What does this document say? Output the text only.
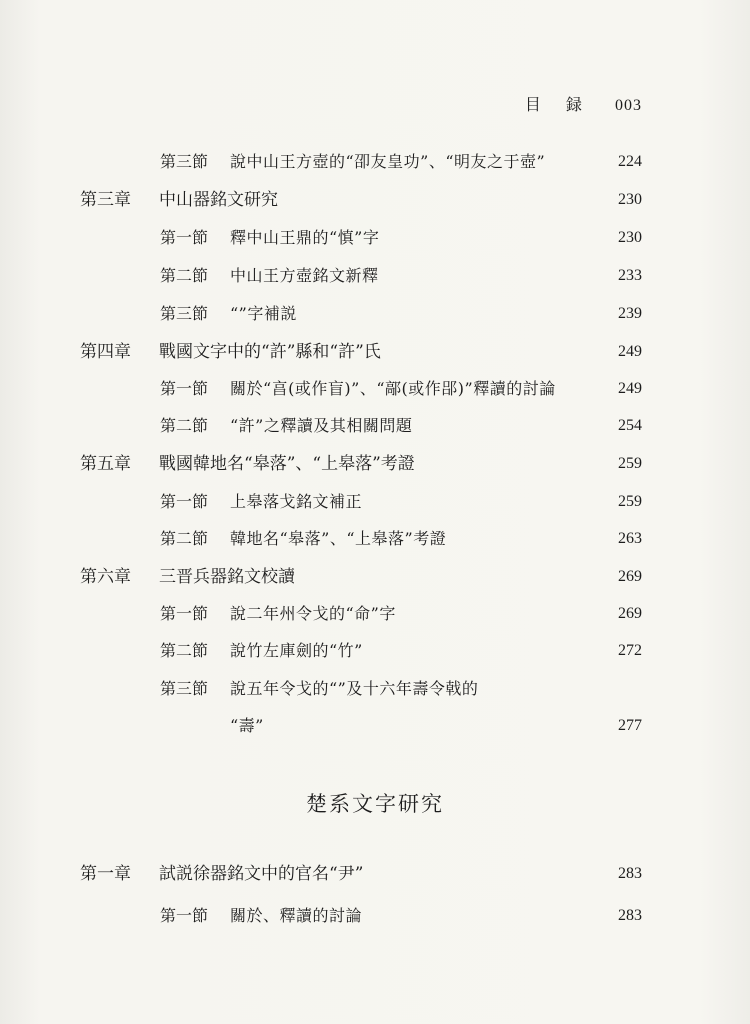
目 録 003
第三節 說中山王方壺的“卲友皇功”、“明友之于壺”	224
第三章 中山器銘文研究	230
第一節 釋中山王鼎的“慎”字	230
第二節 中山王方壺銘文新釋	233
第三節 “”字補説	239
第四章 戰國文字中的“許”縣和“許”氏	249
第一節 關於“亯(或作盲)”、“鄗(或作郘)”釋讀的討論	249
第二節 “許”之釋讀及其相關問題	254
第五章 戰國韓地名“皋落”、“上皋落”考證	259
第一節 上皋落戈銘文補正	259
第二節 韓地名“皋落”、“上皋落”考證	263
第六章 三晋兵器銘文校讀	269
第一節 說二年州令戈的“命”字	269
第二節 說竹左庫劍的“竹”	272
第三節 說五年令戈的“”及十六年壽令戟的
“壽”	277
第一章 試説徐器銘文中的官名“尹”	283
第一節 關於、釋讀的討論	283
楚系文字研究
